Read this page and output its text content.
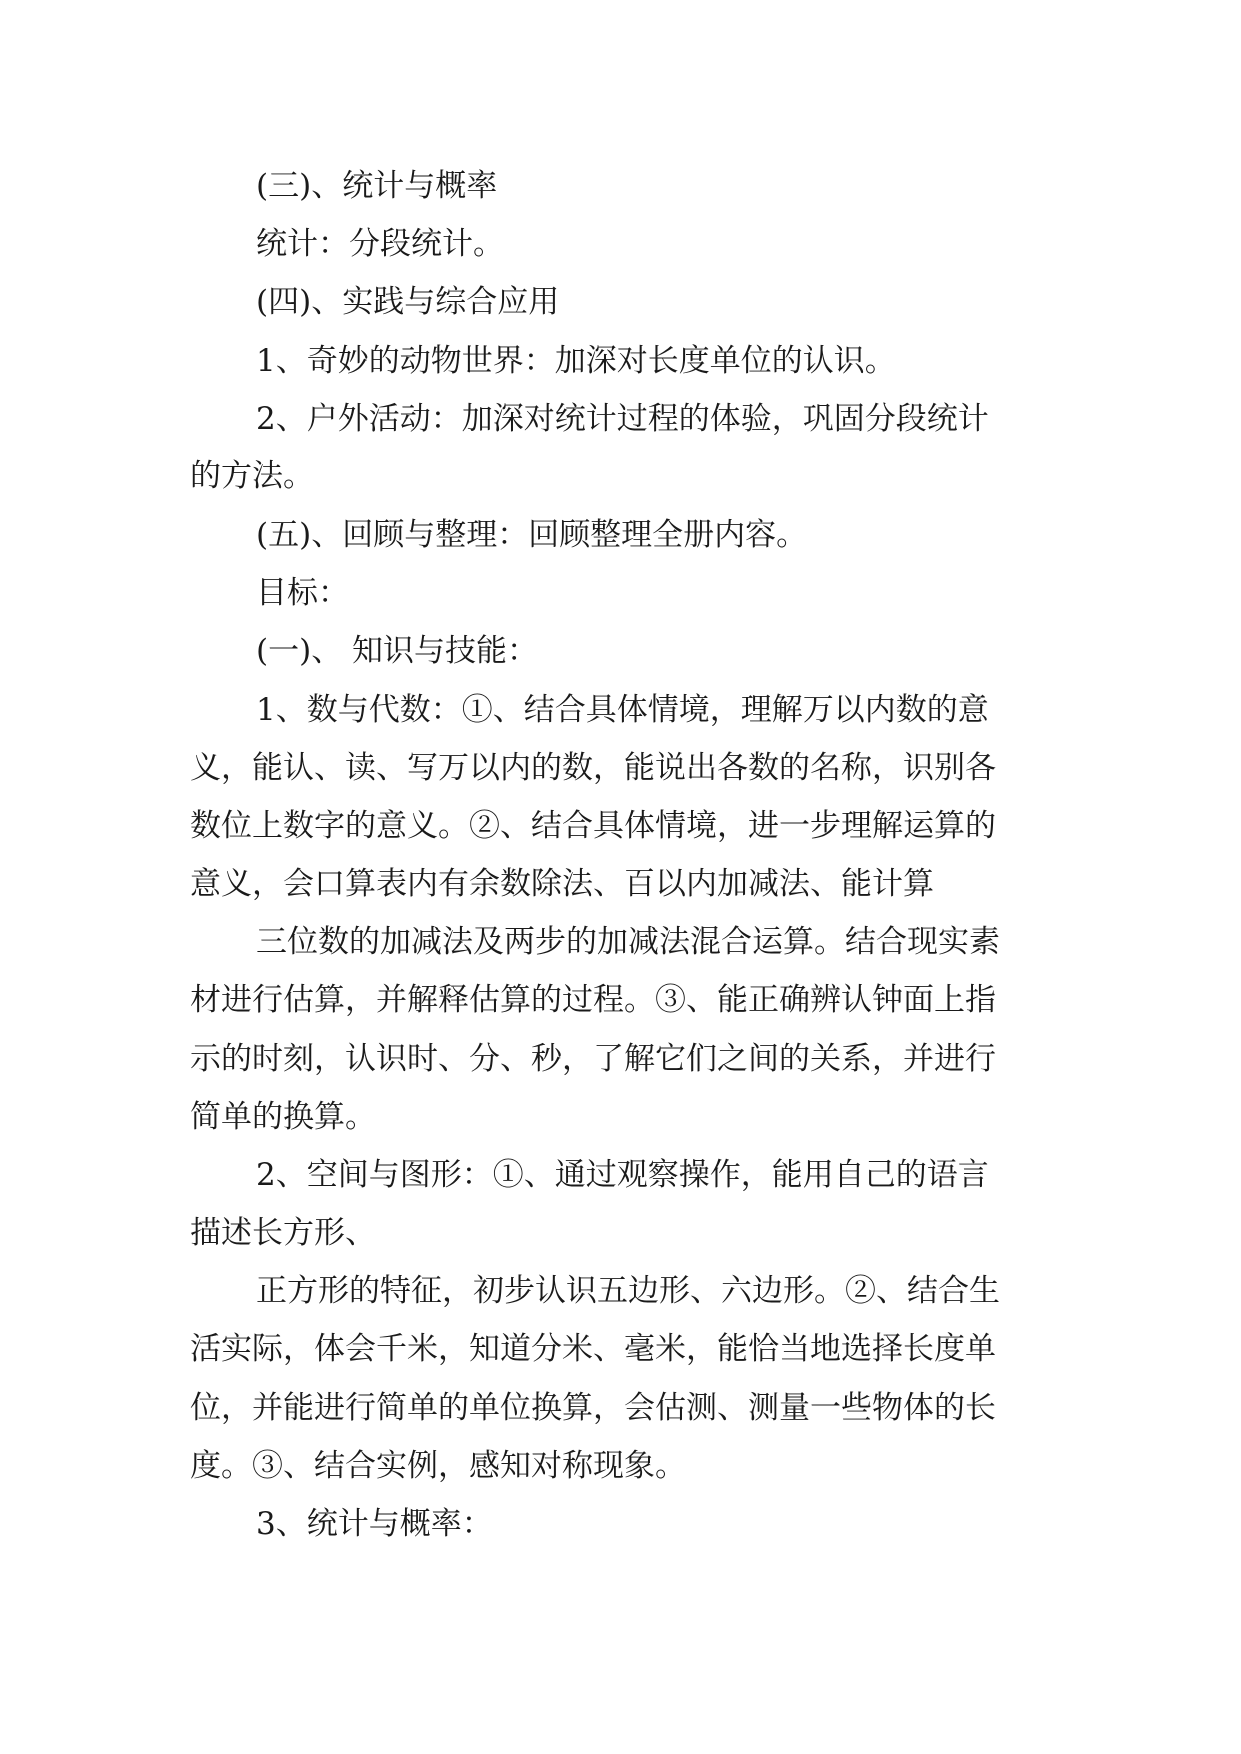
(三)、统计与概率

统计：分段统计。

(四)、实践与综合应用

1、奇妙的动物世界：加深对长度单位的认识。

2、户外活动：加深对统计过程的体验，巩固分段统计

的方法。

(五)、回顾与整理：回顾整理全册内容。

目标：

(一)、 知识与技能：

1、数与代数：①、结合具体情境，理解万以内数的意

义，能认、读、写万以内的数，能说出各数的名称，识别各

数位上数字的意义。②、结合具体情境，进一步理解运算的

意义，会口算表内有余数除法、百以内加减法、能计算

三位数的加减法及两步的加减法混合运算。结合现实素

材进行估算，并解释估算的过程。③、能正确辨认钟面上指

示的时刻，认识时、分、秒，了解它们之间的关系，并进行

简单的换算。

2、空间与图形：①、通过观察操作，能用自己的语言

描述长方形、

正方形的特征，初步认识五边形、六边形。②、结合生

活实际，体会千米，知道分米、毫米，能恰当地选择长度单

位，并能进行简单的单位换算，会估测、测量一些物体的长

度。③、结合实例，感知对称现象。

3、统计与概率：
